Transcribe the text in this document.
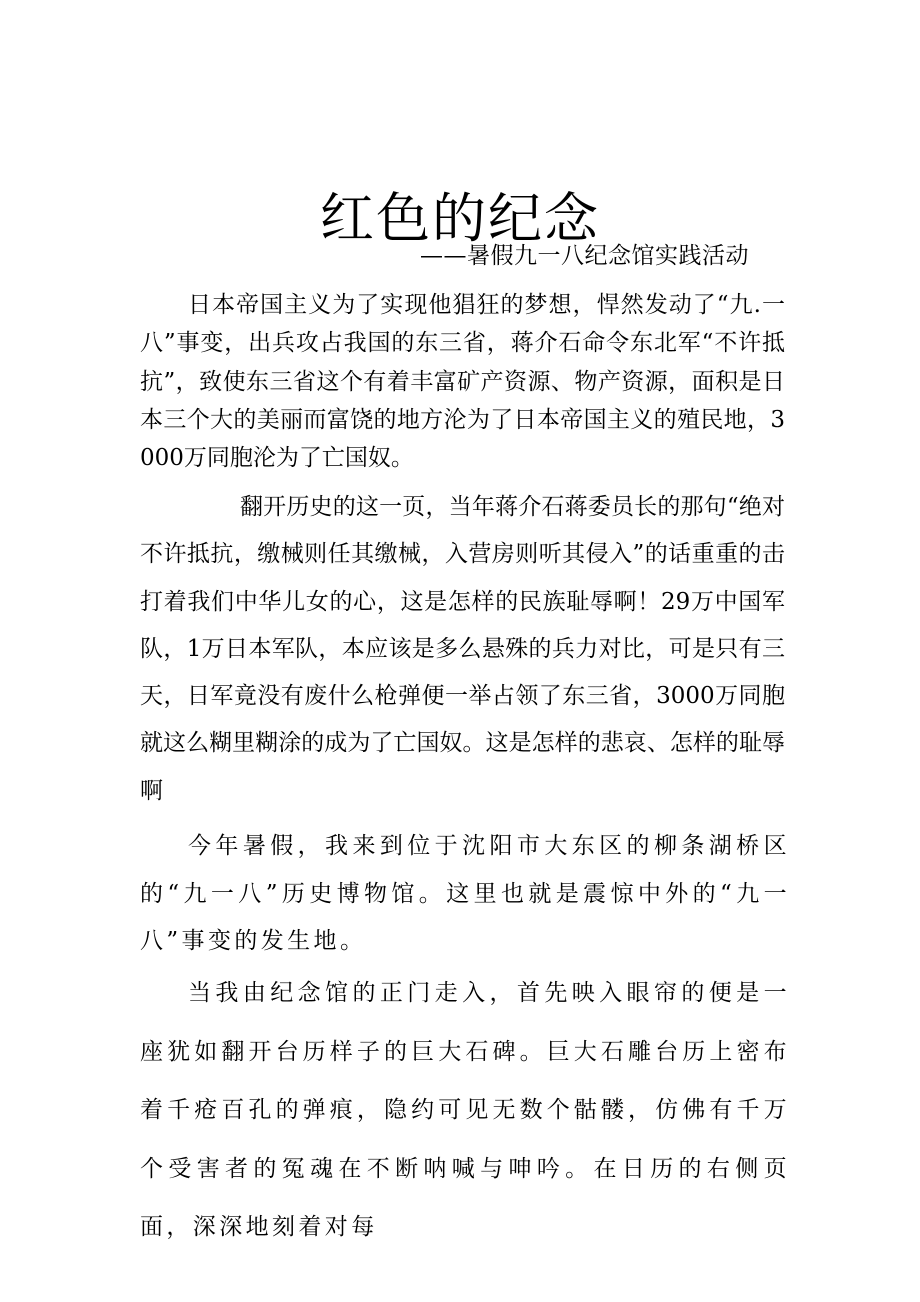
红色的纪念
——暑假九一八纪念馆实践活动

日本帝国主义为了实现他猖狂的梦想，悍然发动了“九.一八”事变，出兵攻占我国的东三省，蒋介石命令东北军“不许抵抗”，致使东三省这个有着丰富矿产资源、物产资源，面积是日本三个大的美丽而富饶的地方沦为了日本帝国主义的殖民地，3000万同胞沦为了亡国奴。

翻开历史的这一页，当年蒋介石蒋委员长的那句“绝对不许抵抗，缴械则任其缴械，入营房则听其侵入”的话重重的击打着我们中华儿女的心，这是怎样的民族耻辱啊！29万中国军队，1万日本军队，本应该是多么悬殊的兵力对比，可是只有三天，日军竟没有废什么枪弹便一举占领了东三省，3000万同胞就这么糊里糊涂的成为了亡国奴。这是怎样的悲哀、怎样的耻辱啊

今年暑假，我来到位于沈阳市大东区的柳条湖桥区的“九一八”历史博物馆。这里也就是震惊中外的“九一八”事变的发生地。

当我由纪念馆的正门走入，首先映入眼帘的便是一座犹如翻开台历样子的巨大石碑。巨大石雕台历上密布着千疮百孔的弹痕，隐约可见无数个骷髅，仿佛有千万个受害者的冤魂在不断呐喊与呻吟。在日历的右侧页面，深深地刻着对每
